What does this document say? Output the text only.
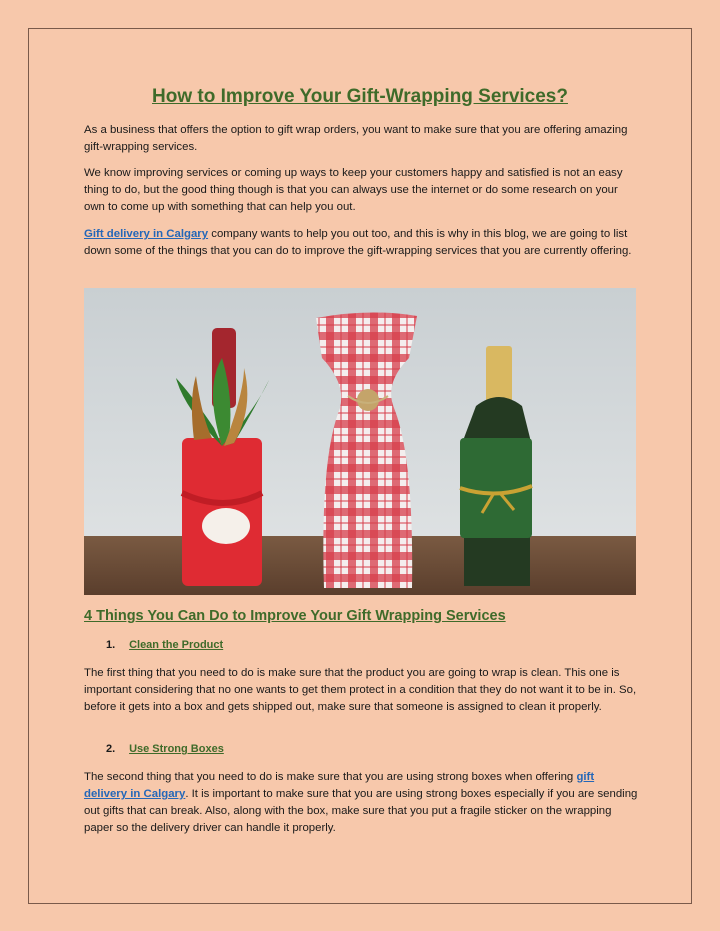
How to Improve Your Gift-Wrapping Services?

As a business that offers the option to gift wrap orders, you want to make sure that you are offering amazing gift-wrapping services.

We know improving services or coming up ways to keep your customers happy and satisfied is not an easy thing to do, but the good thing though is that you can always use the internet or do some research on your own to come up with something that can help you out.

Gift delivery in Calgary company wants to help you out too, and this is why in this blog, we are going to list down some of the things that you can do to improve the gift-wrapping services that you are currently offering.

4 Things You Can Do to Improve Your Gift Wrapping Services
1. Clean the Product

The first thing that you need to do is make sure that the product you are going to wrap is clean. This one is important considering that no one wants to get them protect in a condition that they do not want it to be in. So, before it gets into a box and gets shipped out, make sure that someone is assigned to clean it properly.

2. Use Strong Boxes

The second thing that you need to do is make sure that you are using strong boxes when offering gift delivery in Calgary. It is important to make sure that you are using strong boxes especially if you are sending out gifts that can break. Also, along with the box, make sure that you put a fragile sticker on the wrapping paper so the delivery driver can handle it properly.
